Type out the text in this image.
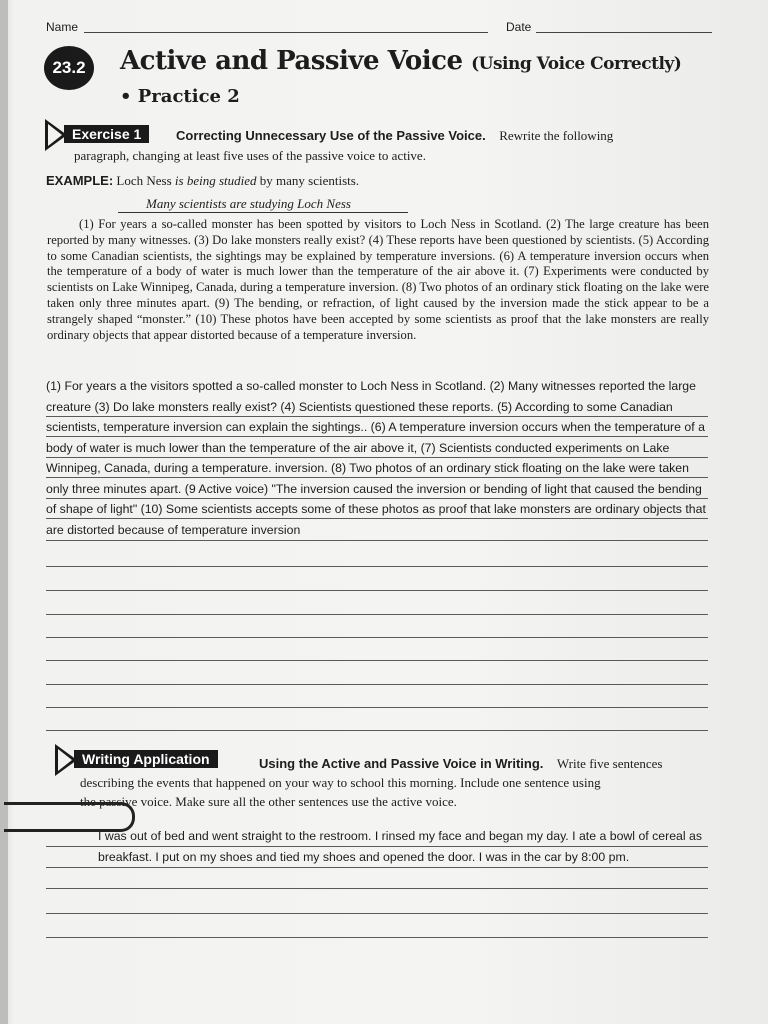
Name	Date
23.2	Active and Passive Voice (Using Voice Correctly)
• Practice 2
Exercise 1	Correcting Unnecessary Use of the Passive Voice. Rewrite the following
paragraph, changing at least five uses of the passive voice to active.
EXAMPLE: Loch Ness is being studied by many scientists.
Many scientists are studying Loch Ness
(1) For years a so-called monster has been spotted by visitors to Loch Ness in Scotland. (2) The large creature has been reported by many witnesses. (3) Do lake monsters really exist? (4) These reports have been questioned by scientists. (5) According to some Canadian scientists, the sightings may be explained by temperature inversions. (6) A temperature inversion occurs when the temperature of a body of water is much lower than the temperature of the air above it. (7) Experiments were conducted by scientists on Lake Winnipeg, Canada, during a temperature inversion. (8) Two photos of an ordinary stick floating on the lake were taken only three minutes apart. (9) The bending, or refraction, of light caused by the inversion made the stick appear to be a strangely shaped “monster.” (10) These photos have been accepted by some scientists as proof that the lake monsters are really ordinary objects that appear distorted because of a temperature inversion.
(1) For years a the visitors spotted a so-called monster to Loch Ness in Scotland. (2) Many witnesses reported the large creature (3) Do lake monsters really exist? (4) Scientists questioned these reports. (5) According to some Canadian scientists, temperature inversion can explain the sightings.. (6) A temperature inversion occurs when the temperature of a body of water is much lower than the temperature of the air above it, (7) Scientists conducted experiments on Lake Winnipeg, Canada, during a temperature. inversion. (8) Two photos of an ordinary stick floating on the lake were taken only three minutes apart. (9 Active voice) "The inversion caused the inversion or bending of light that caused the bending of shape of light" (10) Some scientists accepts some of these photos as proof that lake monsters are ordinary objects that are distorted because of temperature inversion
Writing Application	Using the Active and Passive Voice in Writing. Write five sentences
describing the events that happened on your way to school this morning. Include one sentence using
the passive voice. Make sure all the other sentences use the active voice.
I was out of bed and went straight to the restroom. I rinsed my face and began my day. I ate a bowl of cereal as breakfast. I put on my shoes and tied my shoes and opened the door. I was in the car by 8:00 pm.
